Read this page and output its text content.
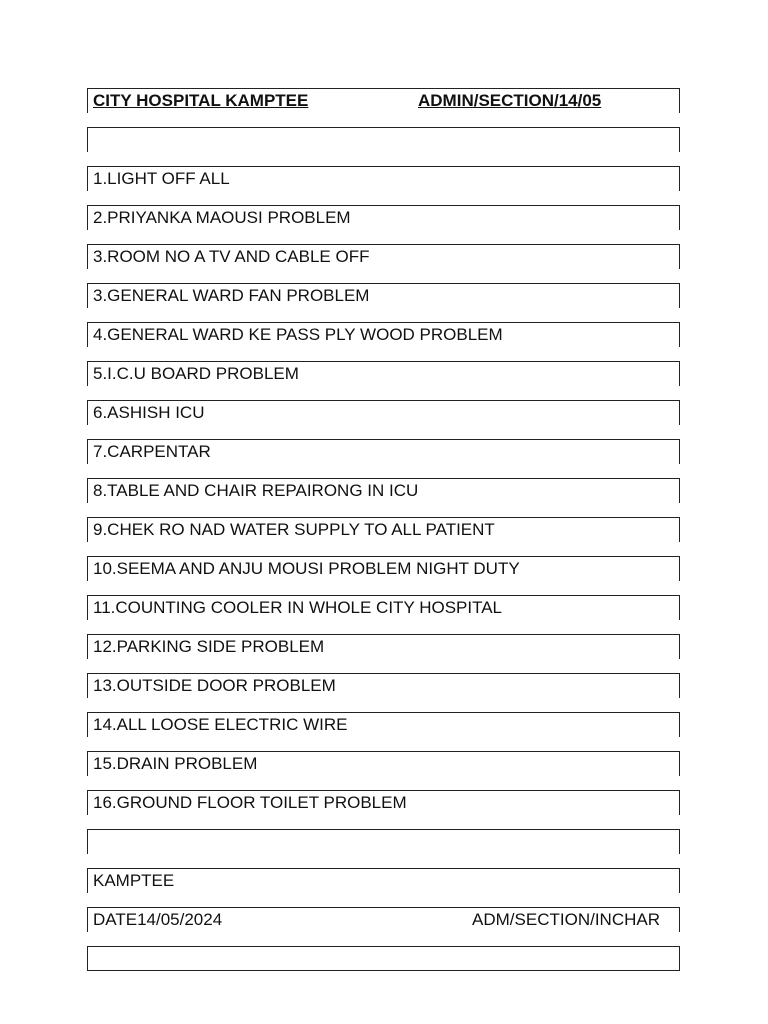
CITY HOSPITAL KAMPTEE	ADMIN/SECTION/14/05
1.LIGHT OFF ALL
2.PRIYANKA MAOUSI PROBLEM
3.ROOM NO A TV AND CABLE OFF
3.GENERAL WARD FAN PROBLEM
4.GENERAL WARD KE PASS PLY WOOD PROBLEM
5.I.C.U BOARD PROBLEM
6.ASHISH ICU
7.CARPENTAR
8.TABLE AND CHAIR REPAIRONG IN ICU
9.CHEK RO NAD WATER SUPPLY TO ALL PATIENT
10.SEEMA AND ANJU MOUSI PROBLEM NIGHT DUTY
11.COUNTING COOLER IN WHOLE CITY HOSPITAL
12.PARKING SIDE PROBLEM
13.OUTSIDE DOOR PROBLEM
14.ALL LOOSE ELECTRIC WIRE
15.DRAIN PROBLEM
16.GROUND FLOOR TOILET PROBLEM
KAMPTEE
DATE14/05/2024	ADM/SECTION/INCHAR
